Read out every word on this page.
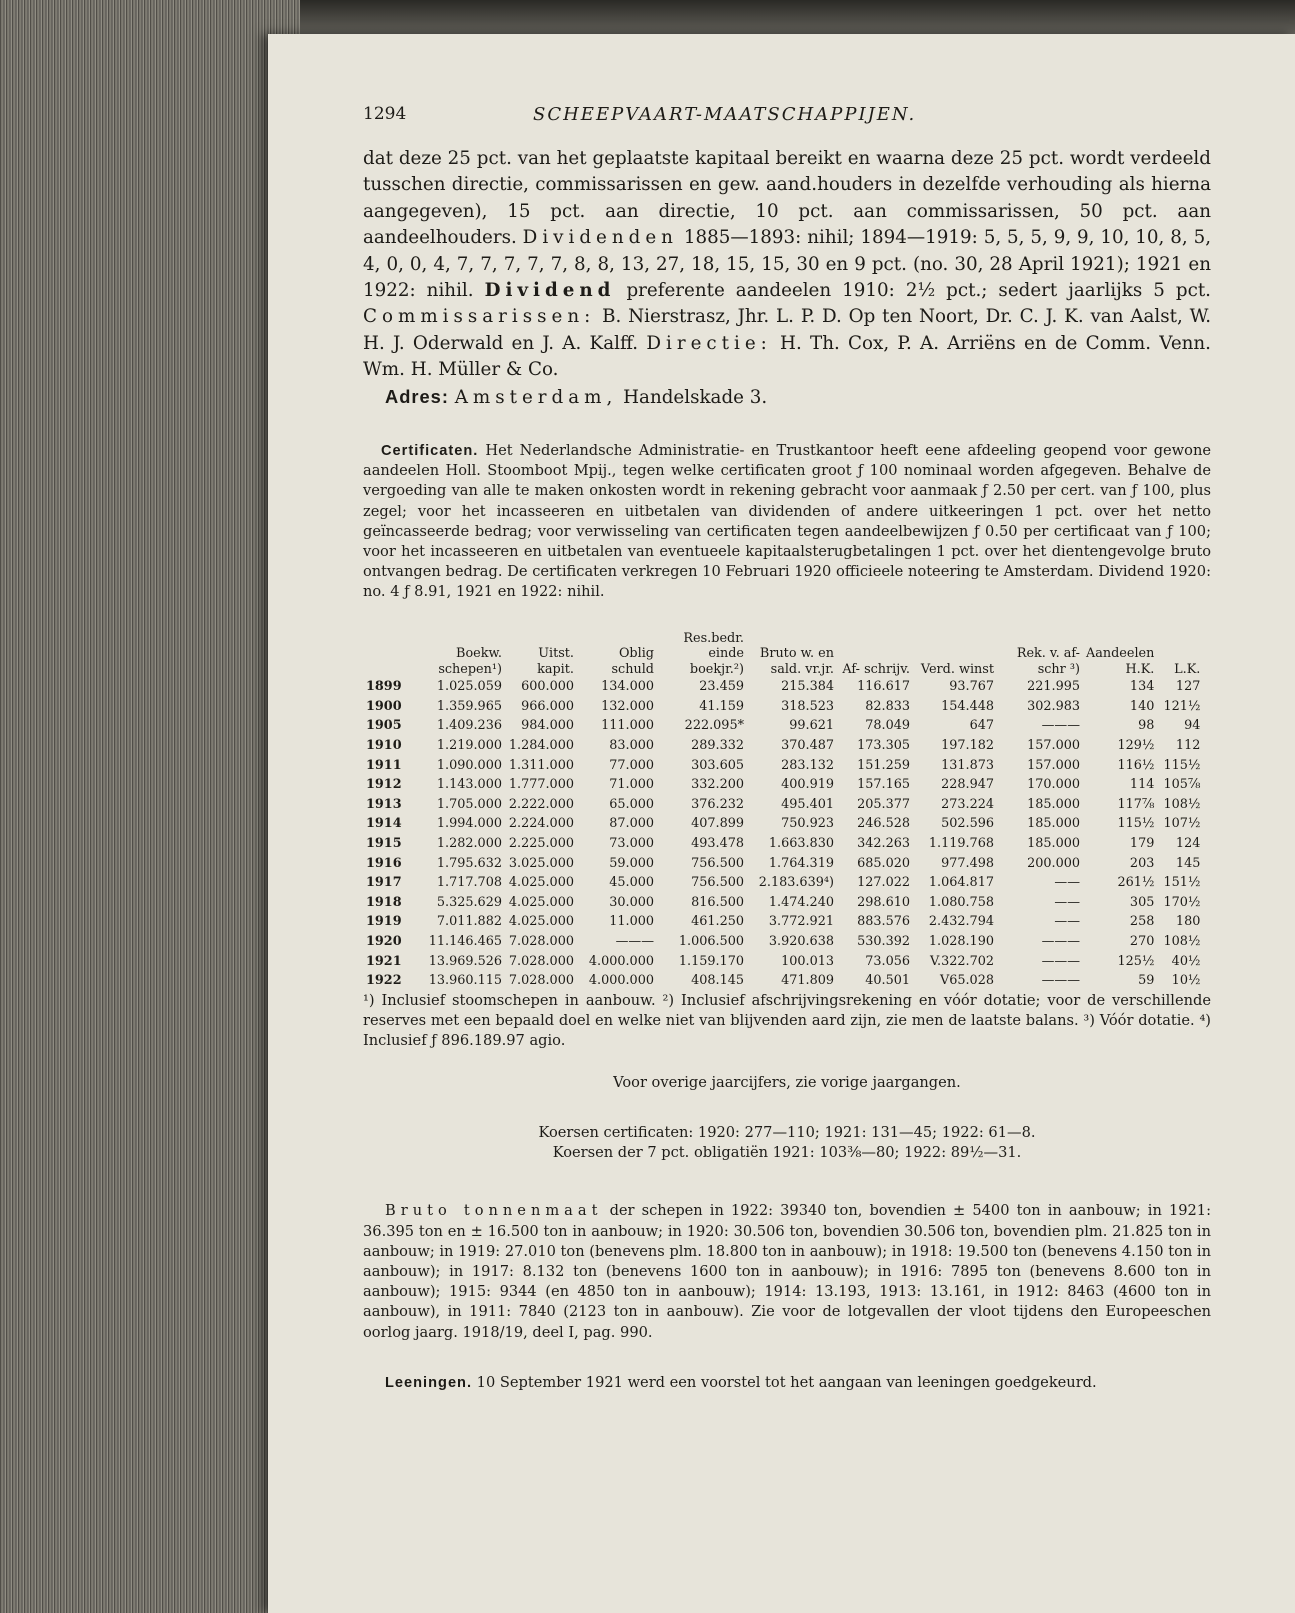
1294	SCHEEPVAART-MAATSCHAPPIJEN.
dat deze 25 pct. van het geplaatste kapitaal bereikt en waarna deze 25 pct. wordt verdeeld tusschen directie, commissarissen en gew. aand.houders in dezelfde verhouding als hierna aangegeven), 15 pct. aan directie, 10 pct. aan commissarissen, 50 pct. aan aandeelhouders. Dividenden 1885—1893: nihil; 1894—1919: 5, 5, 5, 9, 9, 10, 10, 8, 5, 4, 0, 0, 4, 7, 7, 7, 7, 7, 8, 8, 13, 27, 18, 15, 15, 30 en 9 pct. (no. 30, 28 April 1921); 1921 en 1922: nihil. Dividend preferente aandeelen 1910: 2½ pct.; sedert jaarlijks 5 pct. Commissarissen: B. Nierstrasz, Jhr. L. P. D. Op ten Noort, Dr. C. J. K. van Aalst, W. H. J. Oderwald en J. A. Kalff. Directie: H. Th. Cox, P. A. Arriëns en de Comm. Venn. Wm. H. Müller & Co.
Adres: Amsterdam, Handelskade 3.
Certificaten. Het Nederlandsche Administratie- en Trustkantoor heeft eene afdeeling geopend voor gewone aandeelen Holl. Stoomboot Mpij., tegen welke certificaten groot ƒ 100 nominaal worden afgegeven. Behalve de vergoeding van alle te maken onkosten wordt in rekening gebracht voor aanmaak ƒ 2.50 per cert. van ƒ 100, plus zegel; voor het incasseeren en uitbetalen van dividenden of andere uitkeeringen 1 pct. over het netto geïncasseerde bedrag; voor verwisseling van certificaten tegen aandeelbewijzen ƒ 0.50 per certificaat van ƒ 100; voor het incasseeren en uitbetalen van eventueele kapitaalsterugbetalingen 1 pct. over het dientengevolge bruto ontvangen bedrag. De certificaten verkregen 10 Februari 1920 officieele noteering te Amsterdam. Dividend 1920: no. 4 ƒ 8.91, 1921 en 1922: nihil.
	Boekw. schepen¹)	Uitst. kapit.	Oblig schuld	Res.bedr. einde boekjr.²)	Bruto w. en sald. vr.jr.	Af- schrijv.	Verd. winst	Rek. v. af- schr ³)	Aandeelen H.K.	L.K.
1899	1.025.059	600.000	134.000	23.459	215.384	116.617	93.767	221.995	134	127
1900	1.359.965	966.000	132.000	41.159	318.523	82.833	154.448	302.983	140	121½
1905	1.409.236	984.000	111.000	222.095*	99.621	78.049	647	———	98	94
1910	1.219.000	1.284.000	83.000	289.332	370.487	173.305	197.182	157.000	129½	112
1911	1.090.000	1.311.000	77.000	303.605	283.132	151.259	131.873	157.000	116½	115½
1912	1.143.000	1.777.000	71.000	332.200	400.919	157.165	228.947	170.000	114	105⅞
1913	1.705.000	2.222.000	65.000	376.232	495.401	205.377	273.224	185.000	117⅞	108½
1914	1.994.000	2.224.000	87.000	407.899	750.923	246.528	502.596	185.000	115½	107½
1915	1.282.000	2.225.000	73.000	493.478	1.663.830	342.263	1.119.768	185.000	179	124
1916	1.795.632	3.025.000	59.000	756.500	1.764.319	685.020	977.498	200.000	203	145
1917	1.717.708	4.025.000	45.000	756.500	2.183.639⁴)	127.022	1.064.817	——	261½	151½
1918	5.325.629	4.025.000	30.000	816.500	1.474.240	298.610	1.080.758	——	305	170½
1919	7.011.882	4.025.000	11.000	461.250	3.772.921	883.576	2.432.794	——	258	180
1920	11.146.465	7.028.000	———	1.006.500	3.920.638	530.392	1.028.190	———	270	108½
1921	13.969.526	7.028.000	4.000.000	1.159.170	100.013	73.056	V.322.702	———	125½	40½
1922	13.960.115	7.028.000	4.000.000	408.145	471.809	40.501	V65.028	———	59	10½
¹) Inclusief stoomschepen in aanbouw. ²) Inclusief afschrijvingsrekening en vóór dotatie; voor de verschillende reserves met een bepaald doel en welke niet van blijvenden aard zijn, zie men de laatste balans. ³) Vóór dotatie. ⁴) Inclusief ƒ 896.189.97 agio.
Voor overige jaarcijfers, zie vorige jaargangen.
Koersen certificaten: 1920: 277—110; 1921: 131—45; 1922: 61—8.
Koersen der 7 pct. obligatiën 1921: 103⅜—80; 1922: 89½—31.
Bruto tonnenmaat der schepen in 1922: 39340 ton, bovendien ± 5400 ton in aanbouw; in 1921: 36.395 ton en ± 16.500 ton in aanbouw; in 1920: 30.506 ton, bovendien 30.506 ton, bovendien plm. 21.825 ton in aanbouw; in 1919: 27.010 ton (benevens plm. 18.800 ton in aanbouw); in 1918: 19.500 ton (benevens 4.150 ton in aanbouw); in 1917: 8.132 ton (benevens 1600 ton in aanbouw); in 1916: 7895 ton (benevens 8.600 ton in aanbouw); 1915: 9344 (en 4850 ton in aanbouw); 1914: 13.193, 1913: 13.161, in 1912: 8463 (4600 ton in aanbouw), in 1911: 7840 (2123 ton in aanbouw). Zie voor de lotgevallen der vloot tijdens den Europeeschen oorlog jaarg. 1918/19, deel I, pag. 990.
Leeningen. 10 September 1921 werd een voorstel tot het aangaan van leeningen goedgekeurd.
